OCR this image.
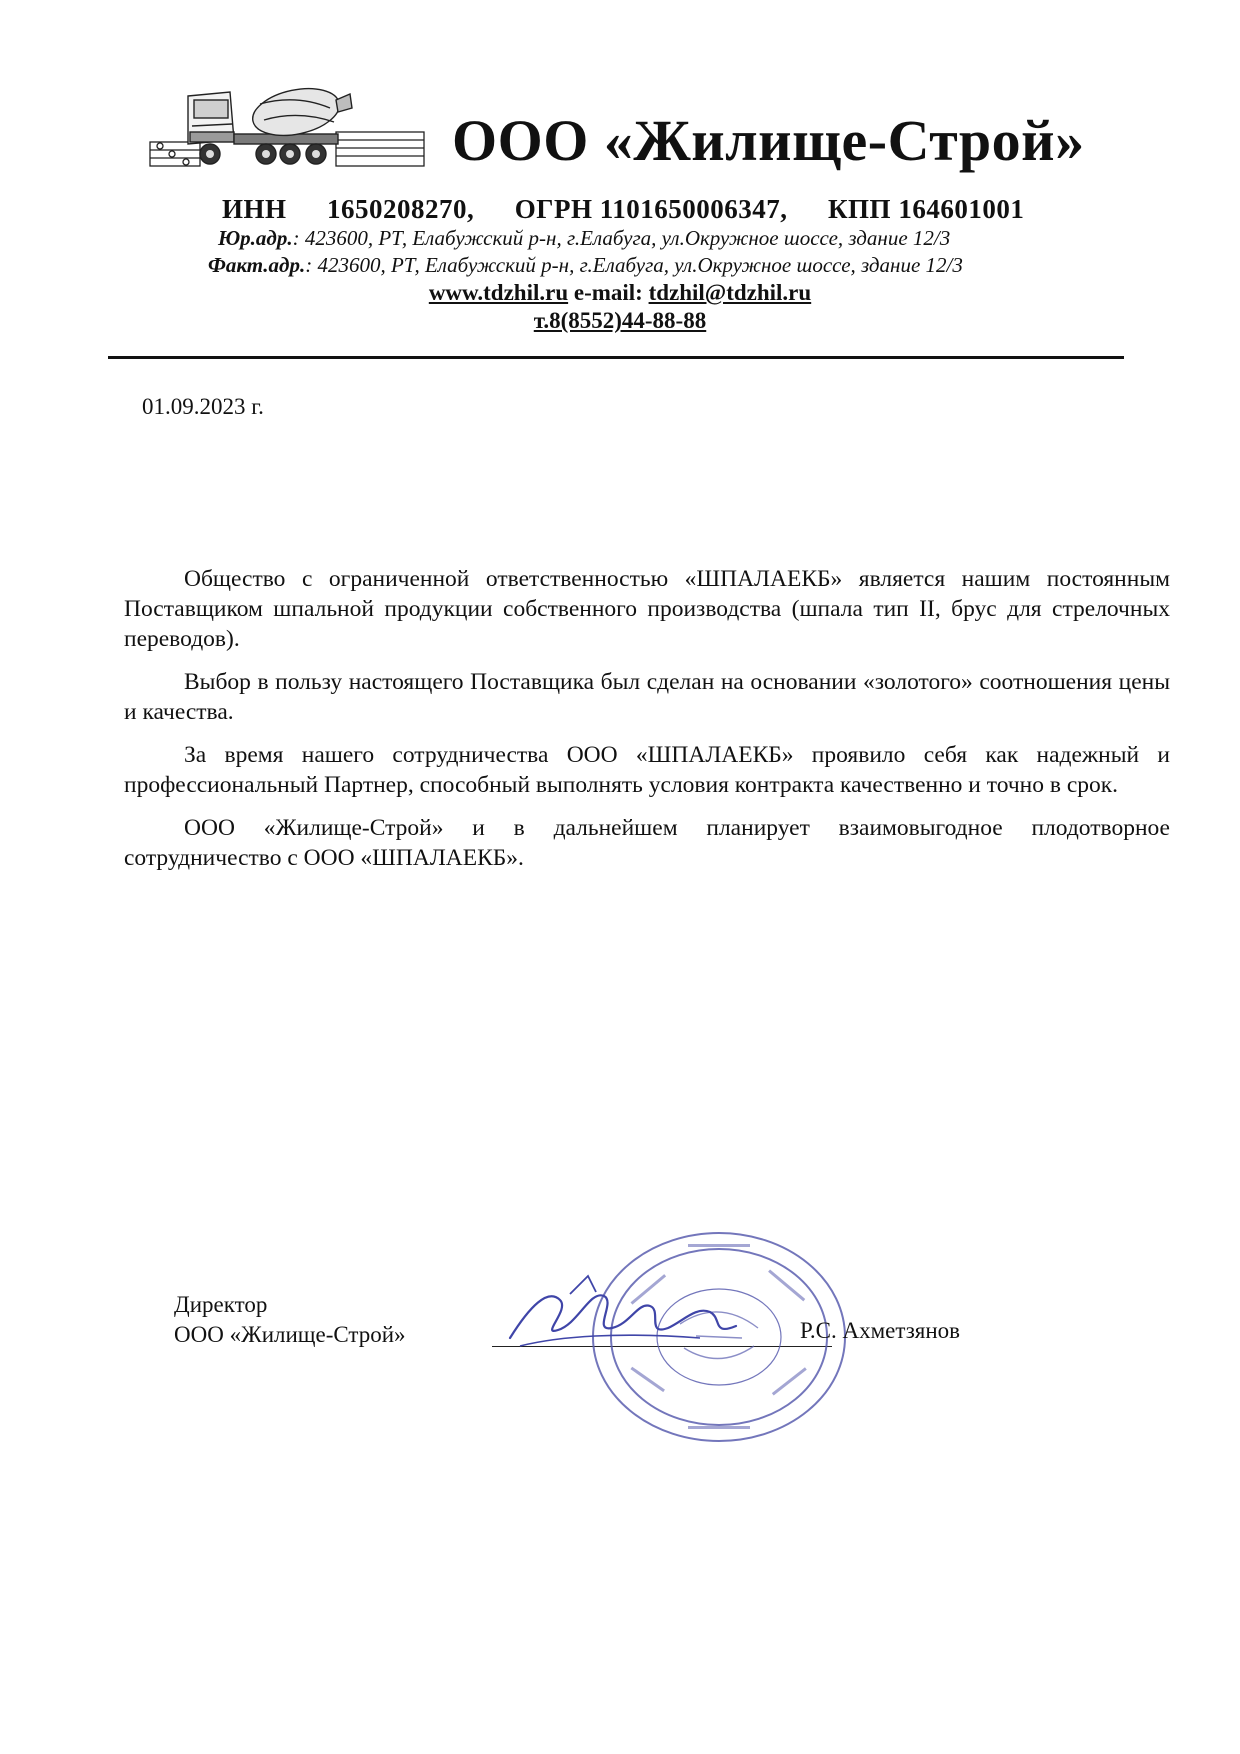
ООО «Жилище-Строй»
ИНН 1650208270, ОГРН 1101650006347, КПП 164601001
Юр.адр.: 423600, РТ, Елабужский р-н, г.Елабуга, ул.Окружное шоссе, здание 12/3
Факт.адр.: 423600, РТ, Елабужский р-н, г.Елабуга, ул.Окружное шоссе, здание 12/3
www.tdzhil.ru e-mail: tdzhil@tdzhil.ru
т.8(8552)44-88-88
01.09.2023 г.

Общество с ограниченной ответственностью «ШПАЛАЕКБ» является нашим постоянным Поставщиком шпальной продукции собственного производства (шпала тип II, брус для стрелочных переводов).

Выбор в пользу настоящего Поставщика был сделан на основании «золотого» соотношения цены и качества.

За время нашего сотрудничества ООО «ШПАЛАЕКБ» проявило себя как надежный и профессиональный Партнер, способный выполнять условия контракта качественно и точно в срок.

ООО «Жилище-Строй» и в дальнейшем планирует взаимовыгодное плодотворное сотрудничество с ООО «ШПАЛАЕКБ».

Директор
ООО «Жилище-Строй»	Р.С. Ахметзянов
